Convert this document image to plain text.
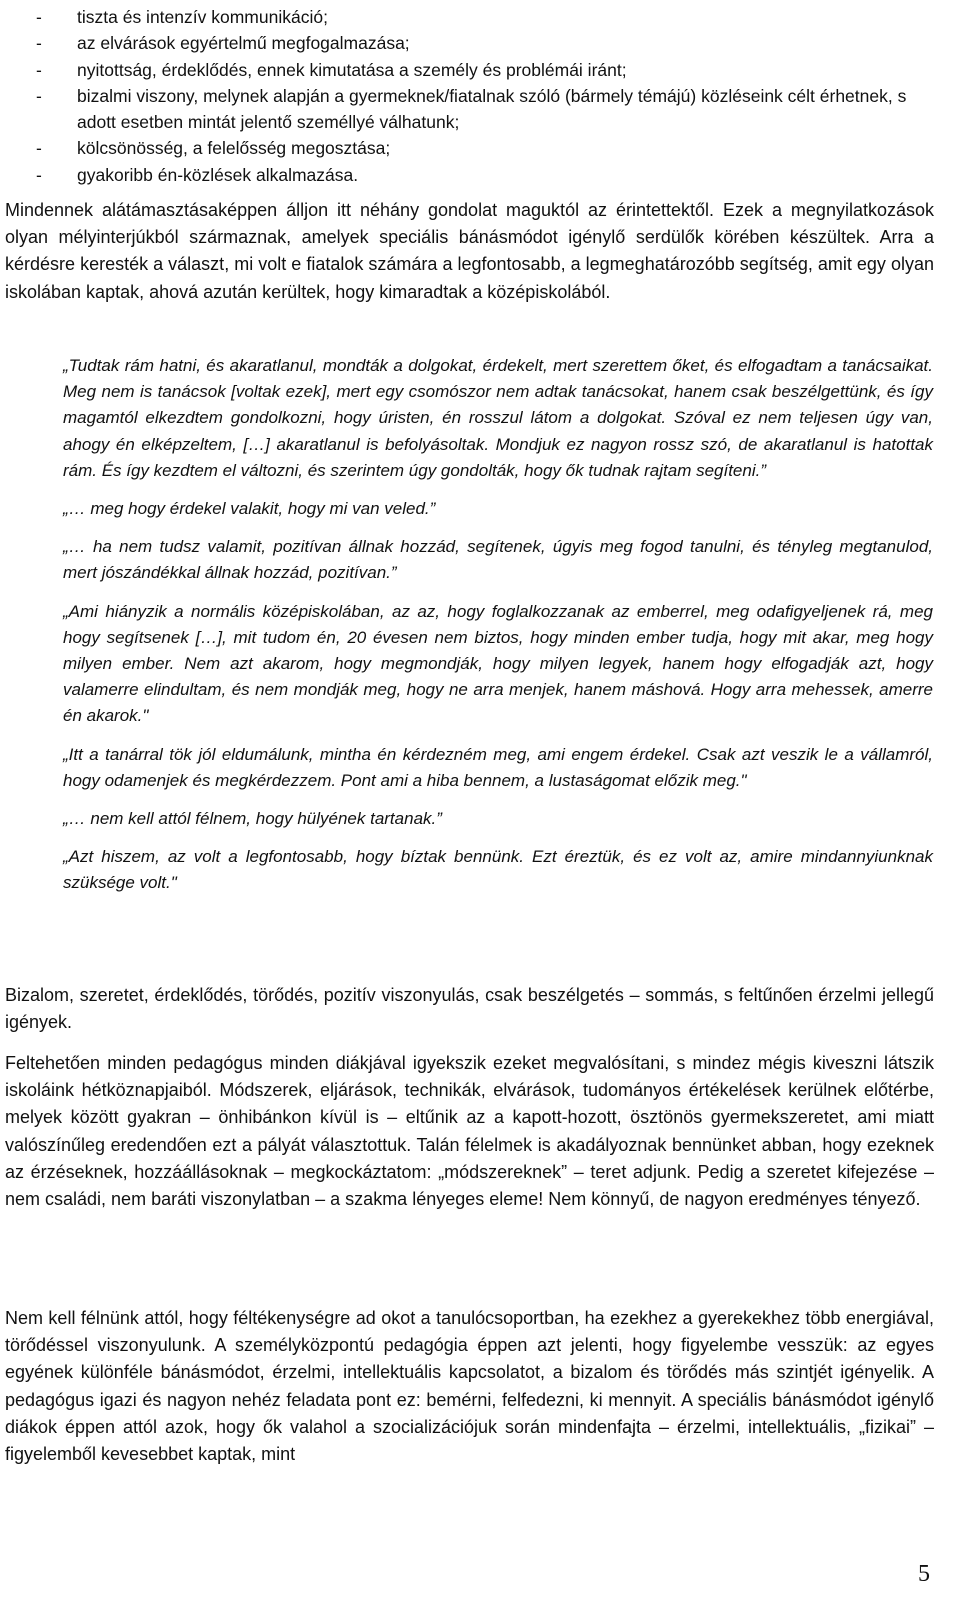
- tiszta és intenzív kommunikáció;
- az elvárások egyértelmű megfogalmazása;
- nyitottság, érdeklődés, ennek kimutatása a személy és problémái iránt;
- bizalmi viszony, melynek alapján a gyermeknek/fiatalnak szóló (bármely témájú) közléseink célt érhetnek, s adott esetben mintát jelentő személlyé válhatunk;
- kölcsönösség, a felelősség megosztása;
- gyakoribb én-közlések alkalmazása.

Mindennek alátámasztásaképpen álljon itt néhány gondolat maguktól az érintettektől. Ezek a megnyilatkozások olyan mélyinterjúkból származnak, amelyek speciális bánásmódot igénylő serdülők körében készültek. Arra a kérdésre keresték a választ, mi volt e fiatalok számára a legfontosabb, a legmeghatározóbb segítség, amit egy olyan iskolában kaptak, ahová azután kerültek, hogy kimaradtak a középiskolából.

„Tudtak rám hatni, és akaratlanul, mondták a dolgokat, érdekelt, mert szerettem őket, és elfogadtam a tanácsaikat. Meg nem is tanácsok [voltak ezek], mert egy csomószor nem adtak tanácsokat, hanem csak beszélgettünk, és így magamtól elkezdtem gondolkozni, hogy úristen, én rosszul látom a dolgokat. Szóval ez nem teljesen úgy van, ahogy én elképzeltem, […] akaratlanul is befolyásoltak. Mondjuk ez nagyon rossz szó, de akaratlanul is hatottak rám. És így kezdtem el változni, és szerintem úgy gondolták, hogy ők tudnak rajtam segíteni.”

„… meg hogy érdekel valakit, hogy mi van veled.”

„… ha nem tudsz valamit, pozitívan állnak hozzád, segítenek, úgyis meg fogod tanulni, és tényleg megtanulod, mert jószándékkal állnak hozzád, pozitívan.”

„Ami hiányzik a normális középiskolában, az az, hogy foglalkozzanak az emberrel, meg odafigyeljenek rá, meg hogy segítsenek […], mit tudom én, 20 évesen nem biztos, hogy minden ember tudja, hogy mit akar, meg hogy milyen ember. Nem azt akarom, hogy megmondják, hogy milyen legyek, hanem hogy elfogadják azt, hogy valamerre elindultam, és nem mondják meg, hogy ne arra menjek, hanem máshová. Hogy arra mehessek, amerre én akarok."

„Itt a tanárral tök jól eldumálunk, mintha én kérdezném meg, ami engem érdekel. Csak azt veszik le a vállamról, hogy odamenjek és megkérdezzem. Pont ami a hiba bennem, a lustaságomat előzik meg."

„… nem kell attól félnem, hogy hülyének tartanak.”

„Azt hiszem, az volt a legfontosabb, hogy bíztak bennünk. Ezt éreztük, és ez volt az, amire mindannyiunknak szüksége volt."

Bizalom, szeretet, érdeklődés, törődés, pozitív viszonyulás, csak beszélgetés – sommás, s feltűnően érzelmi jellegű igények.

Feltehetően minden pedagógus minden diákjával igyekszik ezeket megvalósítani, s mindez mégis kiveszni látszik iskoláink hétköznapjaiból. Módszerek, eljárások, technikák, elvárások, tudományos értékelések kerülnek előtérbe, melyek között gyakran – önhibánkon kívül is – eltűnik az a kapott-hozott, ösztönös gyermekszeretet, ami miatt valószínűleg eredendően ezt a pályát választottuk. Talán félelmek is akadályoznak bennünket abban, hogy ezeknek az érzéseknek, hozzáállásoknak – megkockáztatom: „módszereknek” – teret adjunk. Pedig a szeretet kifejezése – nem családi, nem baráti viszonylatban – a szakma lényeges eleme! Nem könnyű, de nagyon eredményes tényező.

Nem kell félnünk attól, hogy féltékenységre ad okot a tanulócsoportban, ha ezekhez a gyerekekhez több energiával, törődéssel viszonyulunk. A személyközpontú pedagógia éppen azt jelenti, hogy figyelembe vesszük: az egyes egyének különféle bánásmódot, érzelmi, intellektuális kapcsolatot, a bizalom és törődés más szintjét igényelik. A pedagógus igazi és nagyon nehéz feladata pont ez: bemérni, felfedezni, ki mennyit. A speciális bánásmódot igénylő diákok éppen attól azok, hogy ők valahol a szocializációjuk során mindenfajta – érzelmi, intellektuális, „fizikai” – figyelemből kevesebbet kaptak, mint

5
